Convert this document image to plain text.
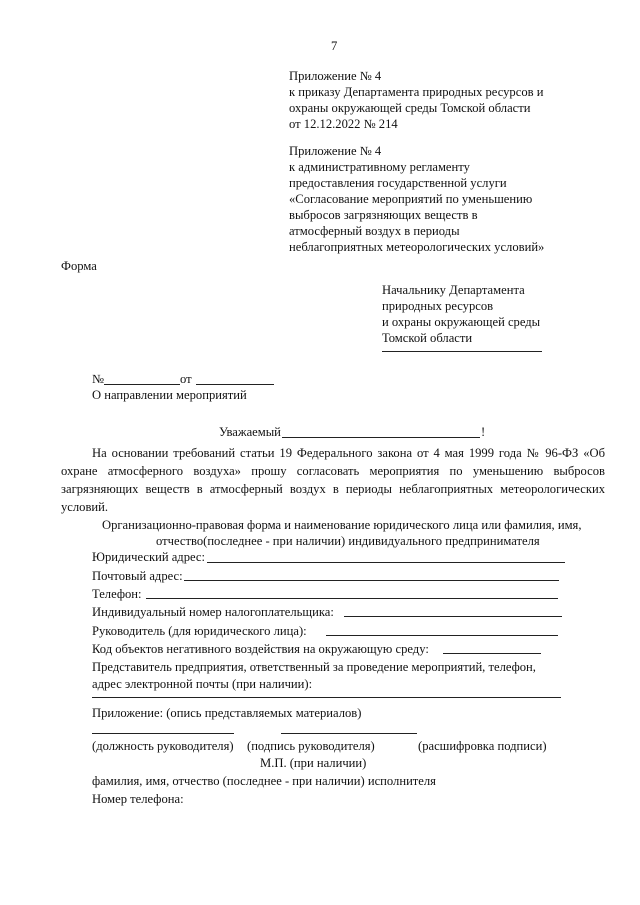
7
Приложение № 4
к приказу Департамента природных ресурсов и
охраны окружающей среды Томской области
от 12.12.2022 № 214
Приложение № 4
к административному регламенту
предоставления государственной услуги
«Согласование мероприятий по уменьшению
выбросов загрязняющих веществ в
атмосферный воздух в периоды
неблагоприятных метеорологических условий»
Форма
Начальнику Департамента
природных ресурсов
и охраны окружающей среды
Томской области
№	от
О направлении мероприятий
Уважаемый	!
На основании требований статьи 19 Федерального закона от 4 мая 1999 года № 96-ФЗ «Об
охране атмосферного воздуха» прошу согласовать мероприятия по уменьшению выбросов
загрязняющих веществ в атмосферный воздух в периоды неблагоприятных метеорологических
условий.
Организационно-правовая форма и наименование юридического лица или фамилия, имя,
отчество(последнее - при наличии) индивидуального предпринимателя
Юридический адрес:
Почтовый адрес:
Телефон:
Индивидуальный номер налогоплательщика:
Руководитель (для юридического лица):
Код объектов негативного воздействия на окружающую среду:
Представитель предприятия, ответственный за проведение мероприятий, телефон,
адрес электронной почты (при наличии):
Приложение: (опись представляемых материалов)
(должность руководителя) (подпись руководителя)	(расшифровка подписи)
М.П. (при наличии)
фамилия, имя, отчество (последнее - при наличии) исполнителя
Номер телефона:
